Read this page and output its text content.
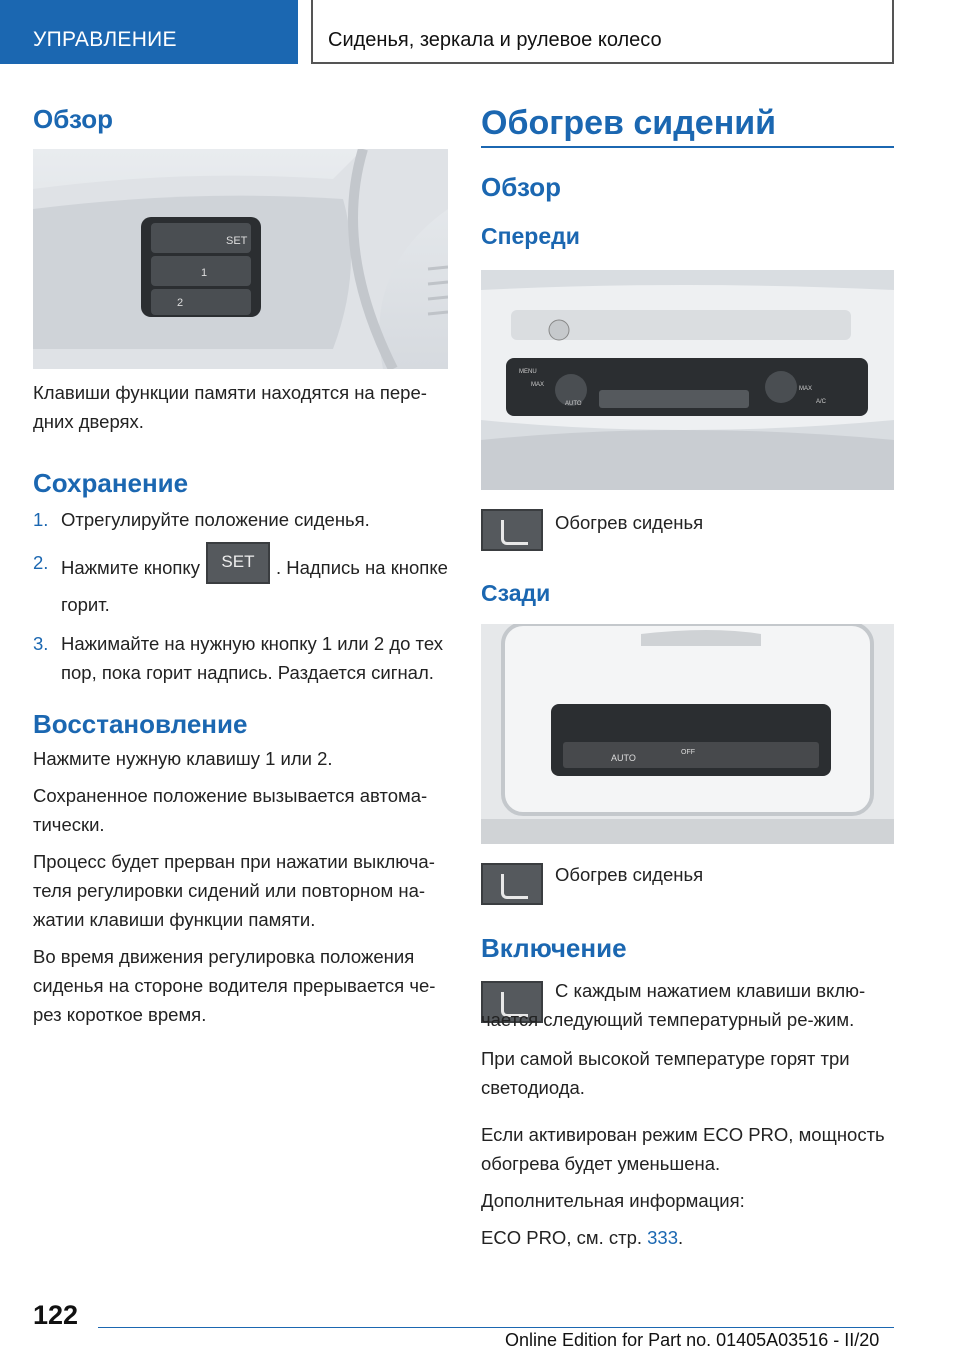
УПРАВЛЕНИЕ	Сиденья, зеркала и рулевое колесо
Обзор
SET
1
2

Клавиши функции памяти находятся на пере-дних дверях.

Сохранение
1. Отрегулируйте положение сиденья.
2. Нажмите кнопку SET . Надпись на кнопке горит.
3. Нажимайте на нужную кнопку 1 или 2 до тех пор, пока горит надпись. Раздается сигнал.
Восстановление

Нажмите нужную клавишу 1 или 2.

Сохраненное положение вызывается автома-тически.

Процесс будет прерван при нажатии выключа-теля регулировки сидений или повторном на-жатии клавиши функции памяти.

Во время движения регулировка положения сиденья на стороне водителя прерывается че-рез короткое время.

Обогрев сидений
Обзор
Спереди
MENU
MAX
AUTO
MAX
A/C

Обогрев сиденья

Сзади
AUTO
OFF

Обогрев сиденья

Включение

С каждым нажатием клавиши вклю-чается следующий температурный ре-жим.

При самой высокой температуре горят три светодиода.

Если активирован режим ECO PRO, мощность обогрева будет уменьшена.

Дополнительная информация:

ECO PRO, см. стр. 333.

122
Online Edition for Part no. 01405A03516 - II/20
